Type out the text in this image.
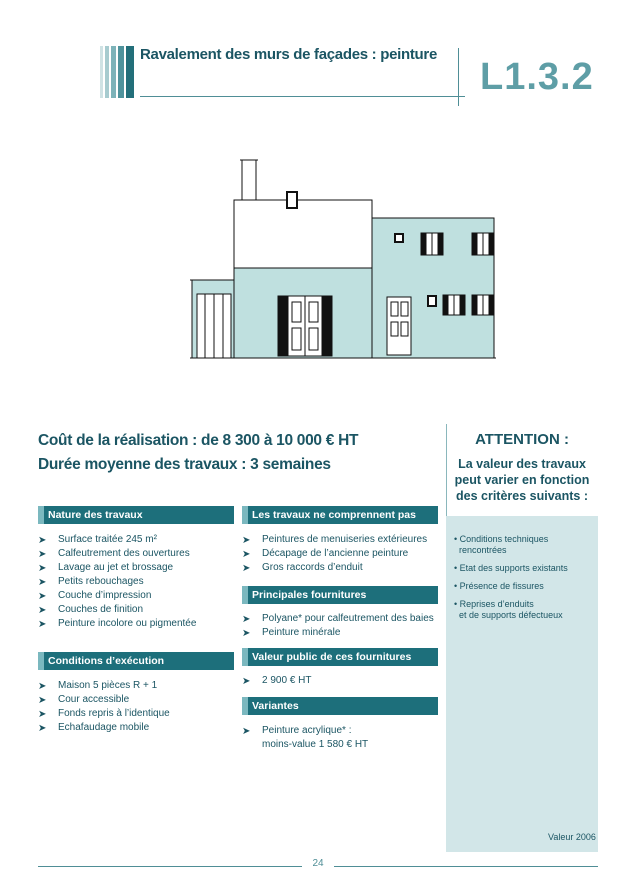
Ravalement des murs de façades : peinture
L1.3.2
Coût de la réalisation : de 8 300 à 10 000 € HT
Durée moyenne des travaux : 3 semaines
ATTENTION :
La valeur des travaux
peut varier en fonction
des critères suivants :
• Conditions techniques
rencontrées
• Etat des supports existants
• Présence de fissures
• Reprises d’enduits
et de supports défectueux
Valeur 2006
Nature des travaux
➤ Surface traitée 245 m²
➤ Calfeutrement des ouvertures
➤ Lavage au jet et brossage
➤ Petits rebouchages
➤ Couche d’impression
➤ Couches de finition
➤ Peinture incolore ou pigmentée
Conditions d’exécution
➤ Maison 5 pièces R + 1
➤ Cour accessible
➤ Fonds repris à l’identique
➤ Echafaudage mobile
Les travaux ne comprennent pas
➤ Peintures de menuiseries extérieures
➤ Décapage de l’ancienne peinture
➤ Gros raccords d’enduit
Principales fournitures
➤ Polyane* pour calfeutrement des baies
➤ Peinture minérale
Valeur public de ces fournitures
➤ 2 900 € HT
Variantes
➤ Peinture acrylique* :
moins-value 1 580 € HT
24
